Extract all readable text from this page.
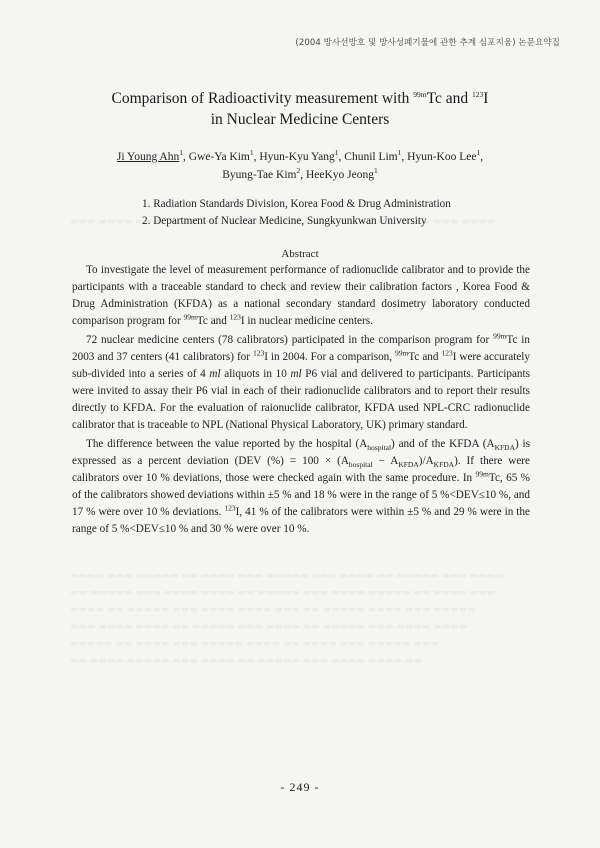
(2004 방사선방호 및 방사성폐기물에 관한 추계 심포지움) 논문요약집
Comparison of Radioactivity measurement with $^{99m}$Tc and $^{123}$I
in Nuclear Medicine Centers
Ji Young Ahn$^1$, Gwe-Ya Kim$^1$, Hyun-Kyu Yang$^1$, Chunil Lim$^1$, Hyun-Koo Lee$^1$,
Byung-Tae Kim$^2$, HeeKyo Jeong$^1$
1. Radiation Standards Division, Korea Food & Drug Administration
2. Department of Nuclear Medicine, Sungkyunkwan University
Abstract

To investigate the level of measurement performance of radionuclide calibrator and to provide the participants with a traceable standard to check and review their calibration factors , Korea Food & Drug Administration (KFDA) as a national secondary standard dosimetry laboratory conducted comparison program for $^{99m}$Tc and $^{123}$I in nuclear medicine centers.

72 nuclear medicine centers (78 calibrators) participated in the comparison program for $^{99m}$Tc in 2003 and 37 centers (41 calibrators) for $^{123}$I in 2004. For a comparison, $^{99m}$Tc and $^{123}$I were accurately sub-divided into a series of 4 ml aliquots in 10 ml P6 vial and delivered to participants. Participants were invited to assay their P6 vial in each of their radionuclide calibrators and to report their results directly to KFDA. For the evaluation of raionuclide calibrator, KFDA used NPL-CRC radionuclide calibrator that is traceable to NPL (National Physical Laboratory, UK) primary standard.

The difference between the value reported by the hospital $(A_{hospital})$ and of the KFDA $(A_{KFDA})$ is expressed as a percent deviation (DEV (%) = $100 \times (A_{hospital} - A_{KFDA})/A_{KFDA}$). If there were calibrators over 10 % deviations, those were checked again with the same procedure. In $^{99m}$Tc, 65 % of the calibrators showed deviations within ±5 % and 18 % were in the range of 5 %<DEV≤10 %, and 17 % were over 10 % deviations. $^{123}$I, 41 % of the calibrators were within ±5 % and 29 % were in the range of 5 %<DEV≤10 % and 30 % were over 10 %.

- 249 -
